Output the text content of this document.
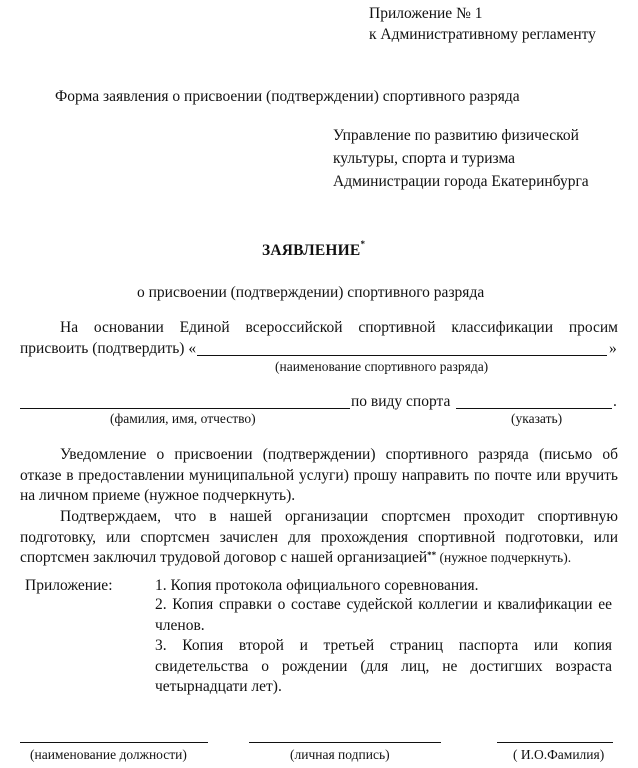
Приложение № 1
к Административному регламенту
Форма заявления о присвоении (подтверждении) спортивного разряда
Управление по развитию физической
культуры, спорта и туризма
Администрации города Екатеринбурга
ЗАЯВЛЕНИЕ*
о присвоении (подтверждении) спортивного разряда
На основании Единой всероссийской спортивной классификации просим
присвоить (подтвердить) «	»
(наименование спортивного разряда)
по виду спорта	.
(фамилия, имя, отчество)	(указать)
Уведомление о присвоении (подтверждении) спортивного разряда (письмо об отказе в предоставлении муниципальной услуги) прошу направить по почте или вручить на личном приеме (нужное подчеркнуть).
Подтверждаем, что в нашей организации спортсмен проходит спортивную подготовку, или спортсмен зачислен для прохождения спортивной подготовки, или спортсмен заключил трудовой договор с нашей организацией** (нужное подчеркнуть).
Приложение:	1. Копия протокола официального соревнования.
2. Копия справки о составе судейской коллегии и квалификации ее членов.
3. Копия второй и третьей страниц паспорта или копия свидетельства о рождении (для лиц, не достигших возраста четырнадцати лет).
(наименование должности)	(личная подпись)	( И.О.Фамилия)
